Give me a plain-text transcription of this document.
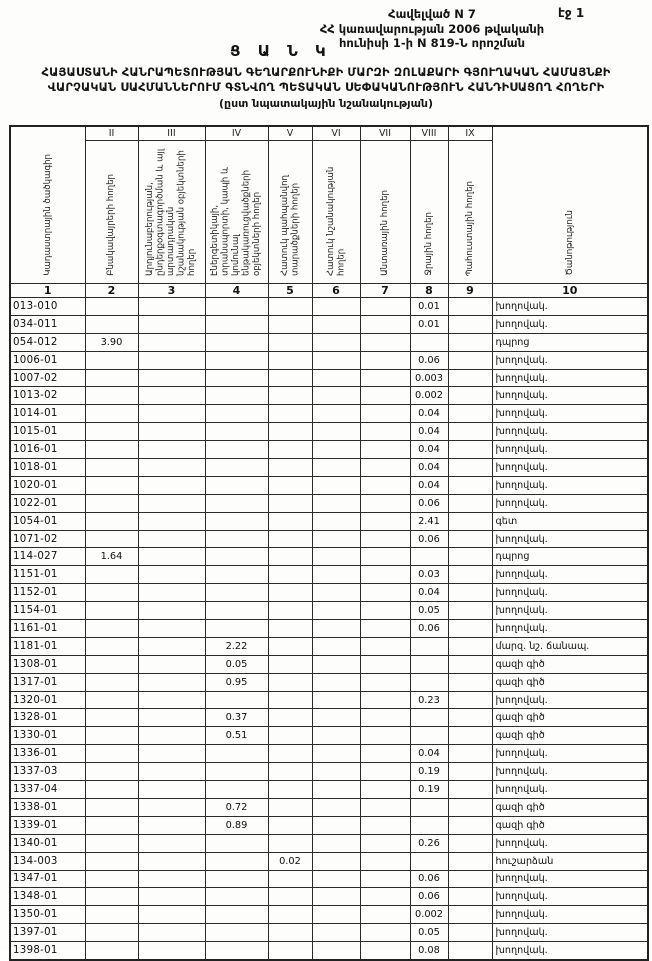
էջ 1
Հավելված N 7
ՀՀ կառավարության 2006 թվականի
հունիսի 1-ի N 819-Ն որոշման
Ց Ա Ն Կ
ՀԱՅԱՍՏԱՆԻ ՀԱՆՐԱՊԵՏՈՒԹՅԱՆ ԳԵՂԱՐՔՈՒՆԻՔԻ ՄԱՐԶԻ ԶՈԼԱՔԱՐԻ ԳՅՈՒՂԱԿԱՆ ՀԱՄԱՅՆՔԻ
ՎԱՐՉԱԿԱՆ ՍԱՀՄԱՆՆԵՐՈՒՄ ԳՏՆՎՈՂ ՊԵՏԱԿԱՆ ՍԵՓԱԿԱՆՈՒԹՅՈՒՆ ՀԱՆԴԻՍԱՑՈՂ ՀՈՂԵՐԻ
(ըստ նպատակային նշանակության)
Կադաստրային ծածկագիր	II	III	IV	V	VI	VII	VIII	IX	Ծանոթություն
	Բնակավայրերի հողեր	Արդյունաբերության, ընդերքօգտագործման և այլ արտադրական նշանակության օբյեկտների հողեր	Էներգետիկայի, տրանսպորտի, կապի և կոմունալ ենթակառուցվածքների օբյեկտների հողեր	Հատուկ պահպանվող տարածքների հողեր	Հատուկ նշանակության հողեր	Անտառային հողեր	Ջրային հողեր	Պահուստային հողեր	
1	2	3	4	5	6	7	8	9	10
013-010							0.01		խողովակ.
034-011							0.01		խողովակ.
054-012	3.90								դպրոց
1006-01							0.06		խողովակ.
1007-02							0.003		խողովակ.
1013-02							0.002		խողովակ.
1014-01							0.04		խողովակ.
1015-01							0.04		խողովակ.
1016-01							0.04		խողովակ.
1018-01							0.04		խողովակ.
1020-01							0.04		խողովակ.
1022-01							0.06		խողովակ.
1054-01							2.41		գետ
1071-02							0.06		խողովակ.
114-027	1.64								դպրոց
1151-01							0.03		խողովակ.
1152-01							0.04		խողովակ.
1154-01							0.05		խողովակ.
1161-01							0.06		խողովակ.
1181-01			2.22						մարզ. նշ. ճանապ.
1308-01			0.05						գազի գիծ
1317-01			0.95						գազի գիծ
1320-01							0.23		խողովակ.
1328-01			0.37						գազի գիծ
1330-01			0.51						գազի գիծ
1336-01							0.04		խողովակ.
1337-03							0.19		խողովակ.
1337-04							0.19		խողովակ.
1338-01			0.72						գազի գիծ
1339-01			0.89						գազի գիծ
1340-01							0.26		խողովակ.
134-003				0.02					հուշարձան
1347-01							0.06		խողովակ.
1348-01							0.06		խողովակ.
1350-01							0.002		խողովակ.
1397-01							0.05		խողովակ.
1398-01							0.08		խողովակ.
